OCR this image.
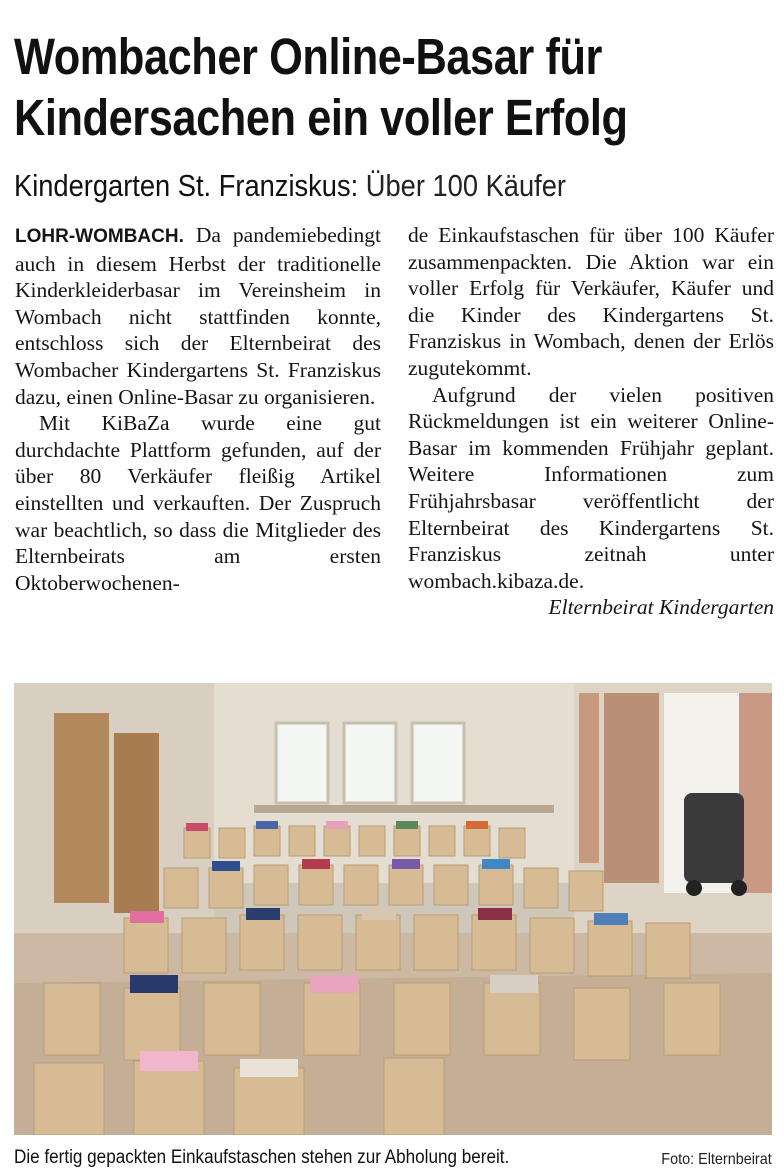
Wombacher Online-Basar für
Kindersachen ein voller Erfolg
Kindergarten St. Franziskus: Über 100 Käufer

LOHR-WOMBACH. Da pandemiebedingt auch in diesem Herbst der traditionelle Kinderkleiderbasar im Vereinsheim in Wombach nicht stattfinden konnte, entschloss sich der Elternbeirat des Wombacher Kindergartens St. Franziskus dazu, einen Online-Basar zu organisieren.

Mit KiBaZa wurde eine gut durchdachte Plattform gefunden, auf der über 80 Verkäufer fleißig Artikel einstellten und verkauften. Der Zuspruch war beachtlich, so dass die Mitglieder des Elternbeirats am ersten Oktoberwochenen-

de Einkaufstaschen für über 100 Käufer zusammenpackten. Die Aktion war ein voller Erfolg für Verkäufer, Käufer und die Kinder des Kindergartens St. Franziskus in Wombach, denen der Erlös zugutekommt.

Aufgrund der vielen positiven Rückmeldungen ist ein weiterer Online-Basar im kommenden Frühjahr geplant. Weitere Informationen zum Frühjahrsbasar veröffentlicht der Elternbeirat des Kindergartens St. Franziskus zeitnah unter wombach.kibaza.de.

Elternbeirat Kindergarten

Die fertig gepackten Einkaufstaschen stehen zur Abholung bereit.	Foto: Elternbeirat
